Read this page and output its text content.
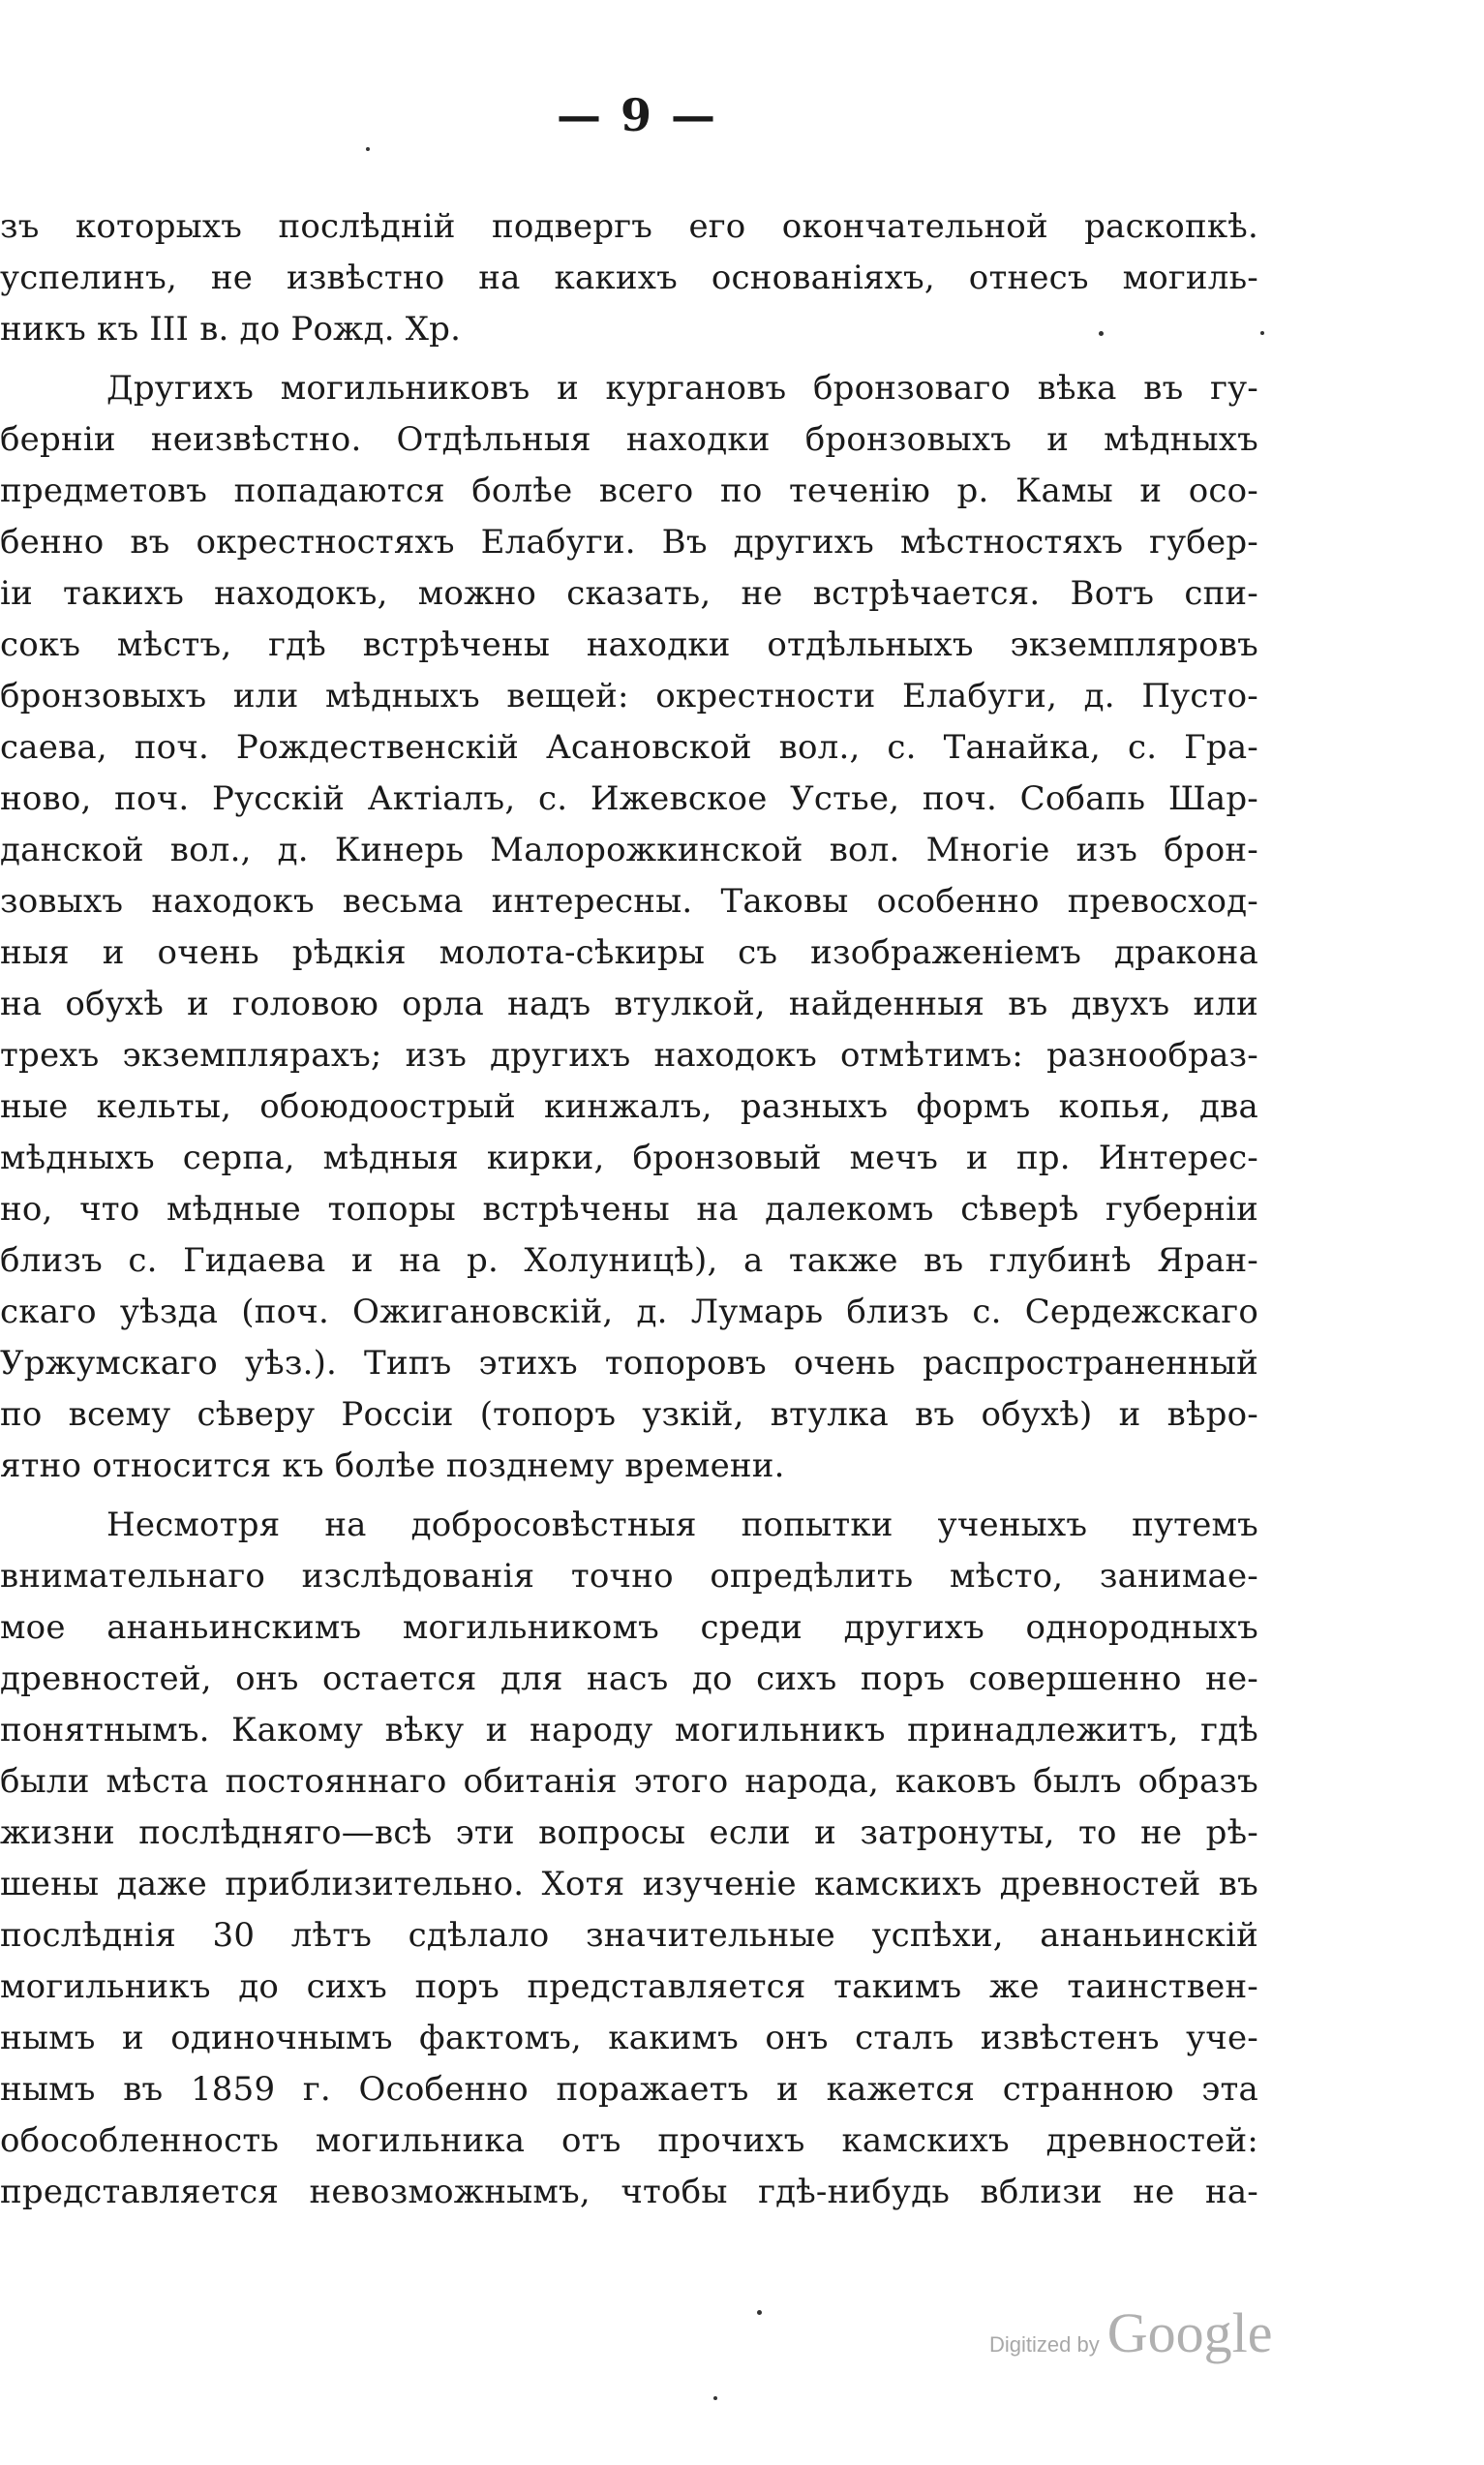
— 9 —
зъ которыхъ послѣдній подвергъ его окончательной раскопкѣ.
успелинъ, не извѣстно на какихъ основаніяхъ, отнесъ могиль-
никъ къ III в. до Рожд. Хр.
Другихъ могильниковъ и кургановъ бронзоваго вѣка въ гу-
берніи неизвѣстно. Отдѣльныя находки бронзовыхъ и мѣдныхъ
предметовъ попадаются болѣе всего по теченію р. Камы и осо-
бенно въ окрестностяхъ Елабуги. Въ другихъ мѣстностяхъ губер-
іи такихъ находокъ, можно сказать, не встрѣчается. Вотъ спи-
сокъ мѣстъ, гдѣ встрѣчены находки отдѣльныхъ экземпляровъ
бронзовыхъ или мѣдныхъ вещей: окрестности Елабуги, д. Пусто-
саева, поч. Рождественскій Асановской вол., с. Танайка, с. Гра-
ново, поч. Русскій Актіалъ, с. Ижевское Устье, поч. Собапь Шар-
данской вол., д. Кинерь Малорожкинской вол. Многіе изъ брон-
зовыхъ находокъ весьма интересны. Таковы особенно превосход-
ныя и очень рѣдкія молота-сѣкиры съ изображеніемъ дракона
на обухѣ и головою орла надъ втулкой, найденныя въ двухъ или
трехъ экземплярахъ; изъ другихъ находокъ отмѣтимъ: разнообраз-
ные кельты, обоюдоострый кинжалъ, разныхъ формъ копья, два
мѣдныхъ серпа, мѣдныя кирки, бронзовый мечъ и пр. Интерес-
но, что мѣдные топоры встрѣчены на далекомъ сѣверѣ губерніи
близъ с. Гидаева и на р. Холуницѣ), а также въ глубинѣ Яран-
скаго уѣзда (поч. Ожигановскій, д. Лумарь близъ с. Сердежскаго
Уржумскаго уѣз.). Типъ этихъ топоровъ очень распространенный
по всему сѣверу Россіи (топоръ узкій, втулка въ обухѣ) и вѣро-
ятно относится къ болѣе позднему времени.
Несмотря на добросовѣстныя попытки ученыхъ путемъ
внимательнаго изслѣдованія точно опредѣлить мѣсто, занимае-
мое ананьинскимъ могильникомъ среди другихъ однородныхъ
древностей, онъ остается для насъ до сихъ поръ совершенно не-
понятнымъ. Какому вѣку и народу могильникъ принадлежитъ, гдѣ
были мѣста постояннаго обитанія этого народа, каковъ былъ образъ
жизни послѣдняго—всѣ эти вопросы если и затронуты, то не рѣ-
шены даже приблизительно. Хотя изученіе камскихъ древностей въ
послѣднія 30 лѣтъ сдѣлало значительные успѣхи, ананьинскій
могильникъ до сихъ поръ представляется такимъ же таинствен-
нымъ и одиночнымъ фактомъ, какимъ онъ сталъ извѣстенъ уче-
нымъ въ 1859 г. Особенно поражаетъ и кажется странною эта
обособленность могильника отъ прочихъ камскихъ древностей:
представляется невозможнымъ, чтобы гдѣ-нибудь вблизи не на-
Digitized by Google
